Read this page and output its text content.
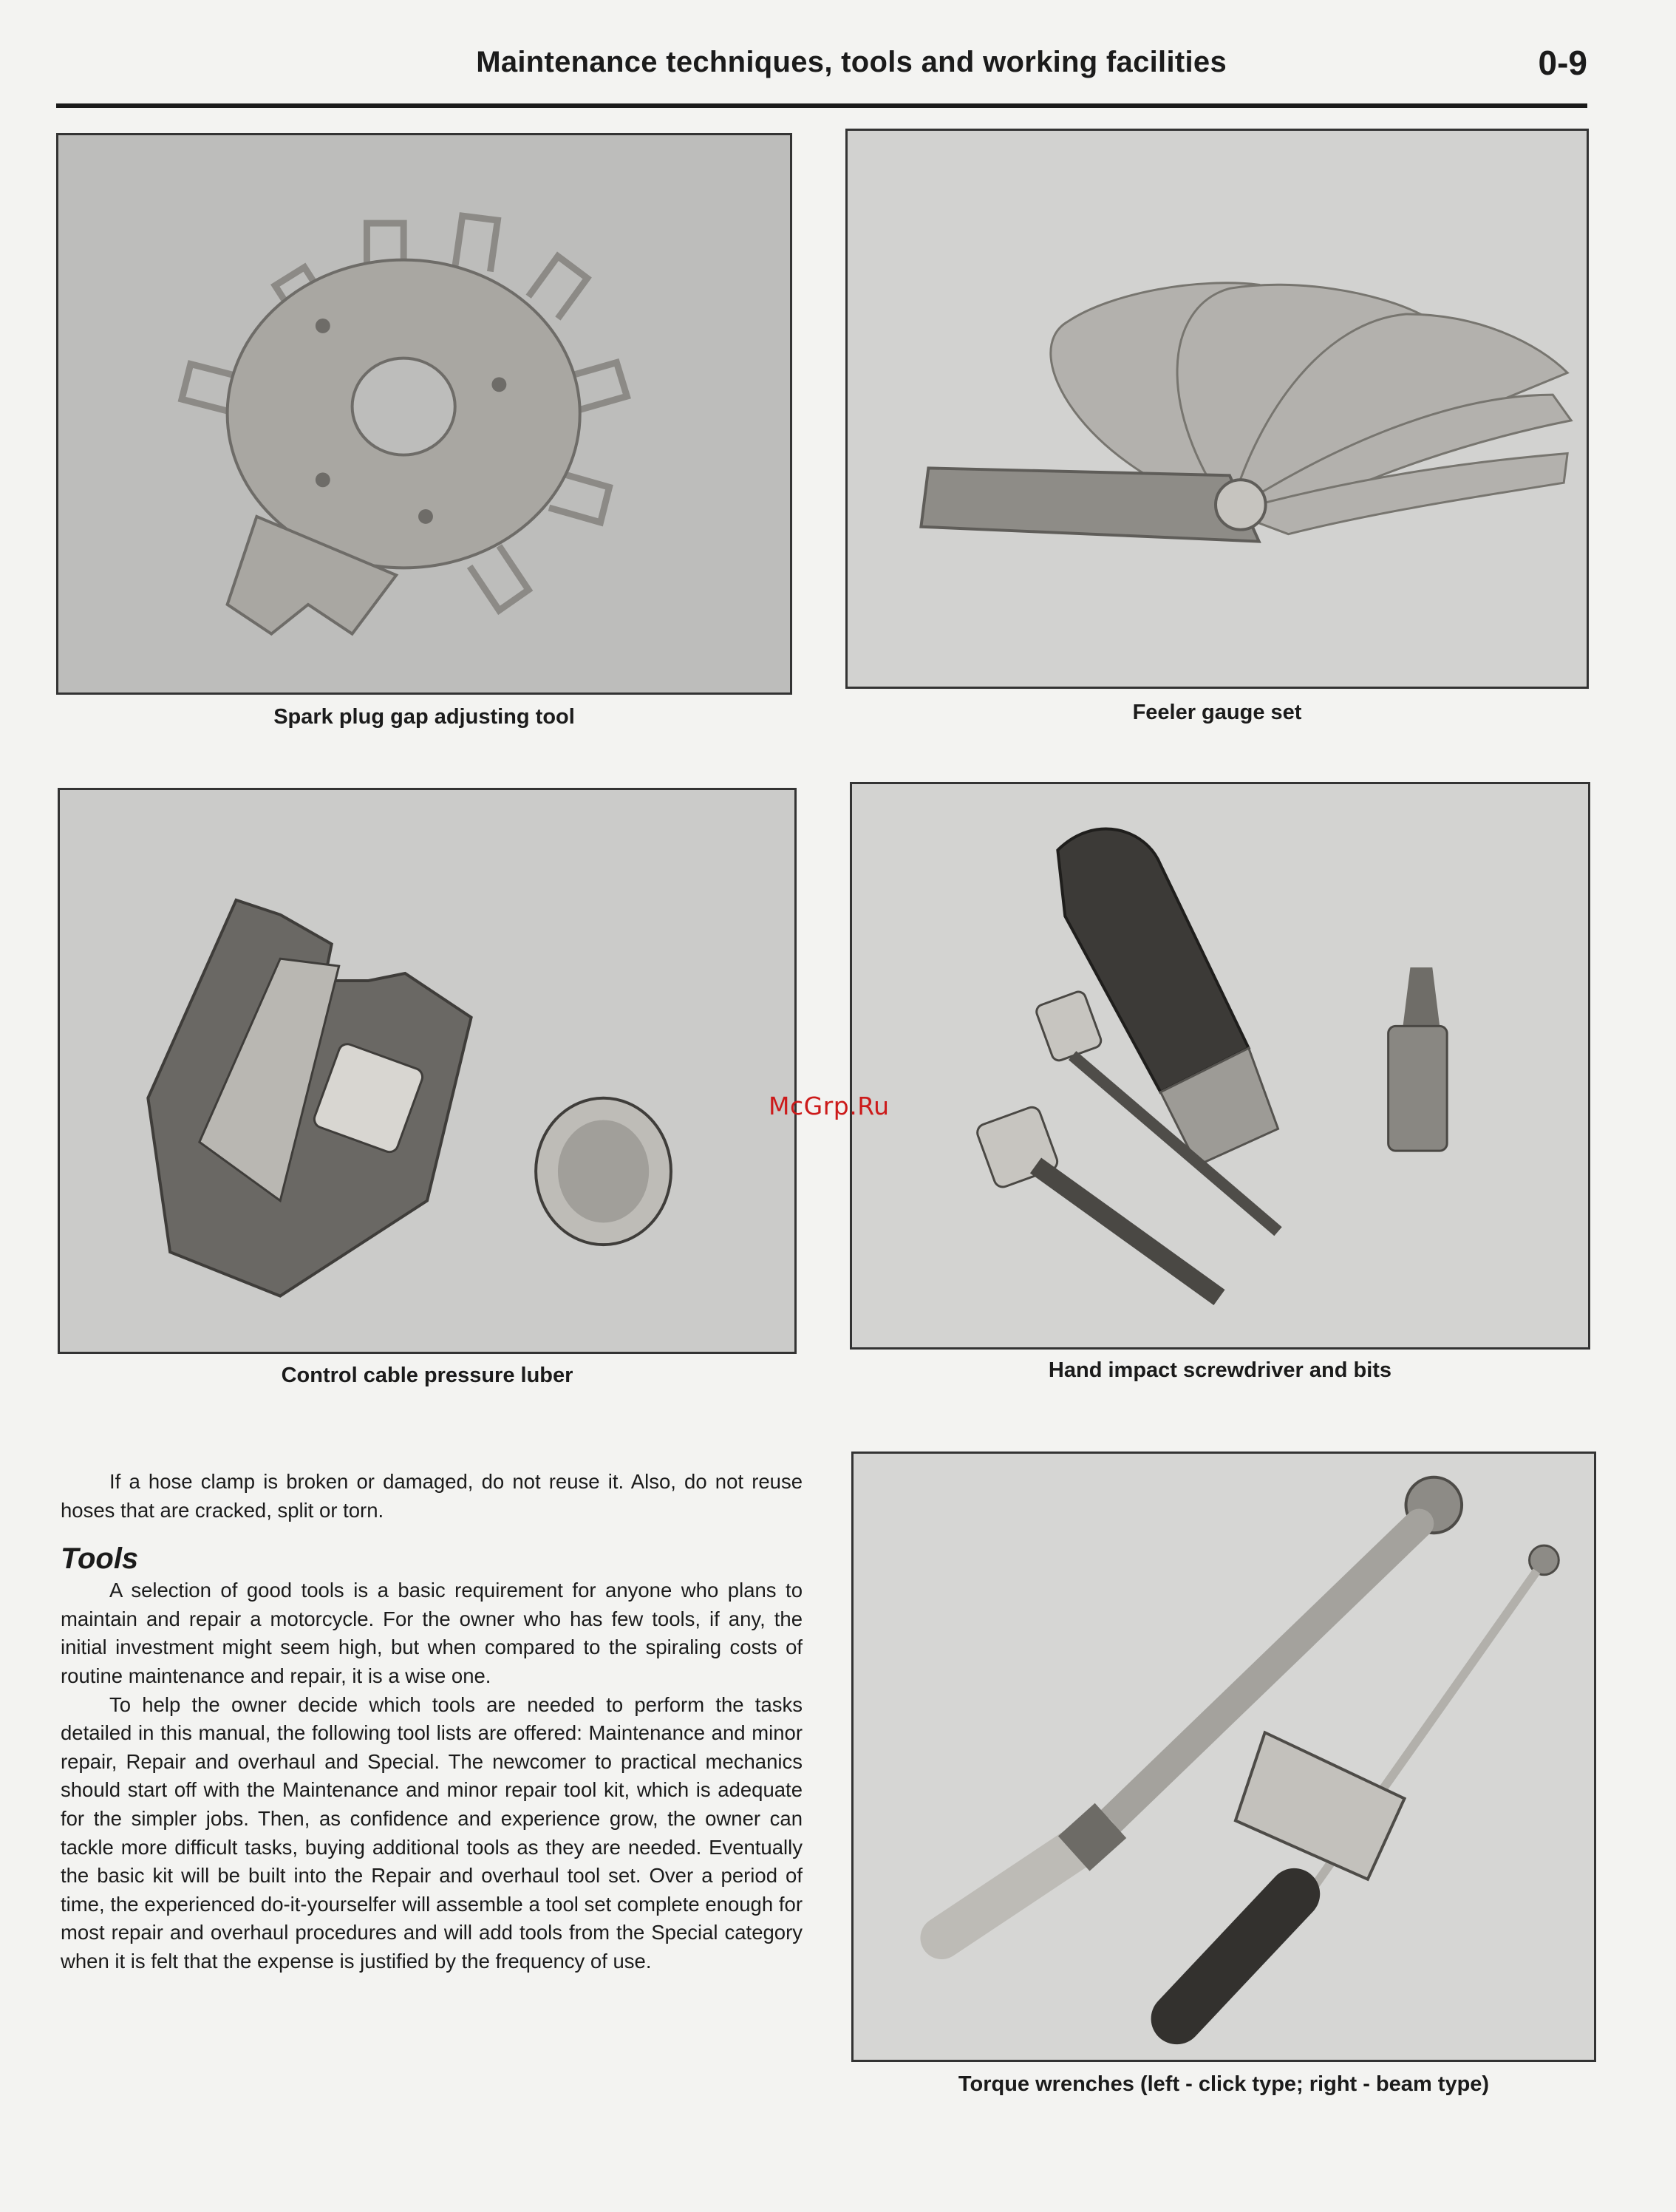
Maintenance techniques, tools and working facilities	0-9
Spark plug gap adjusting tool	Feeler gauge set
Control cable pressure luber	Hand impact screwdriver and bits
McGrp.Ru

If a hose clamp is broken or damaged, do not reuse it. Also, do not reuse hoses that are cracked, split or torn.

Tools

A selection of good tools is a basic requirement for anyone who plans to maintain and repair a motorcycle. For the owner who has few tools, if any, the initial investment might seem high, but when compared to the spiraling costs of routine maintenance and repair, it is a wise one.

To help the owner decide which tools are needed to perform the tasks detailed in this manual, the following tool lists are offered: Maintenance and minor repair, Repair and overhaul and Special. The newcomer to practical mechanics should start off with the Maintenance and minor repair tool kit, which is adequate for the simpler jobs. Then, as confidence and experience grow, the owner can tackle more difficult tasks, buying additional tools as they are needed. Eventually the basic kit will be built into the Repair and overhaul tool set. Over a period of time, the experienced do-it-yourselfer will assemble a tool set complete enough for most repair and overhaul procedures and will add tools from the Special category when it is felt that the expense is justified by the frequency of use.

Torque wrenches (left - click type; right - beam type)
